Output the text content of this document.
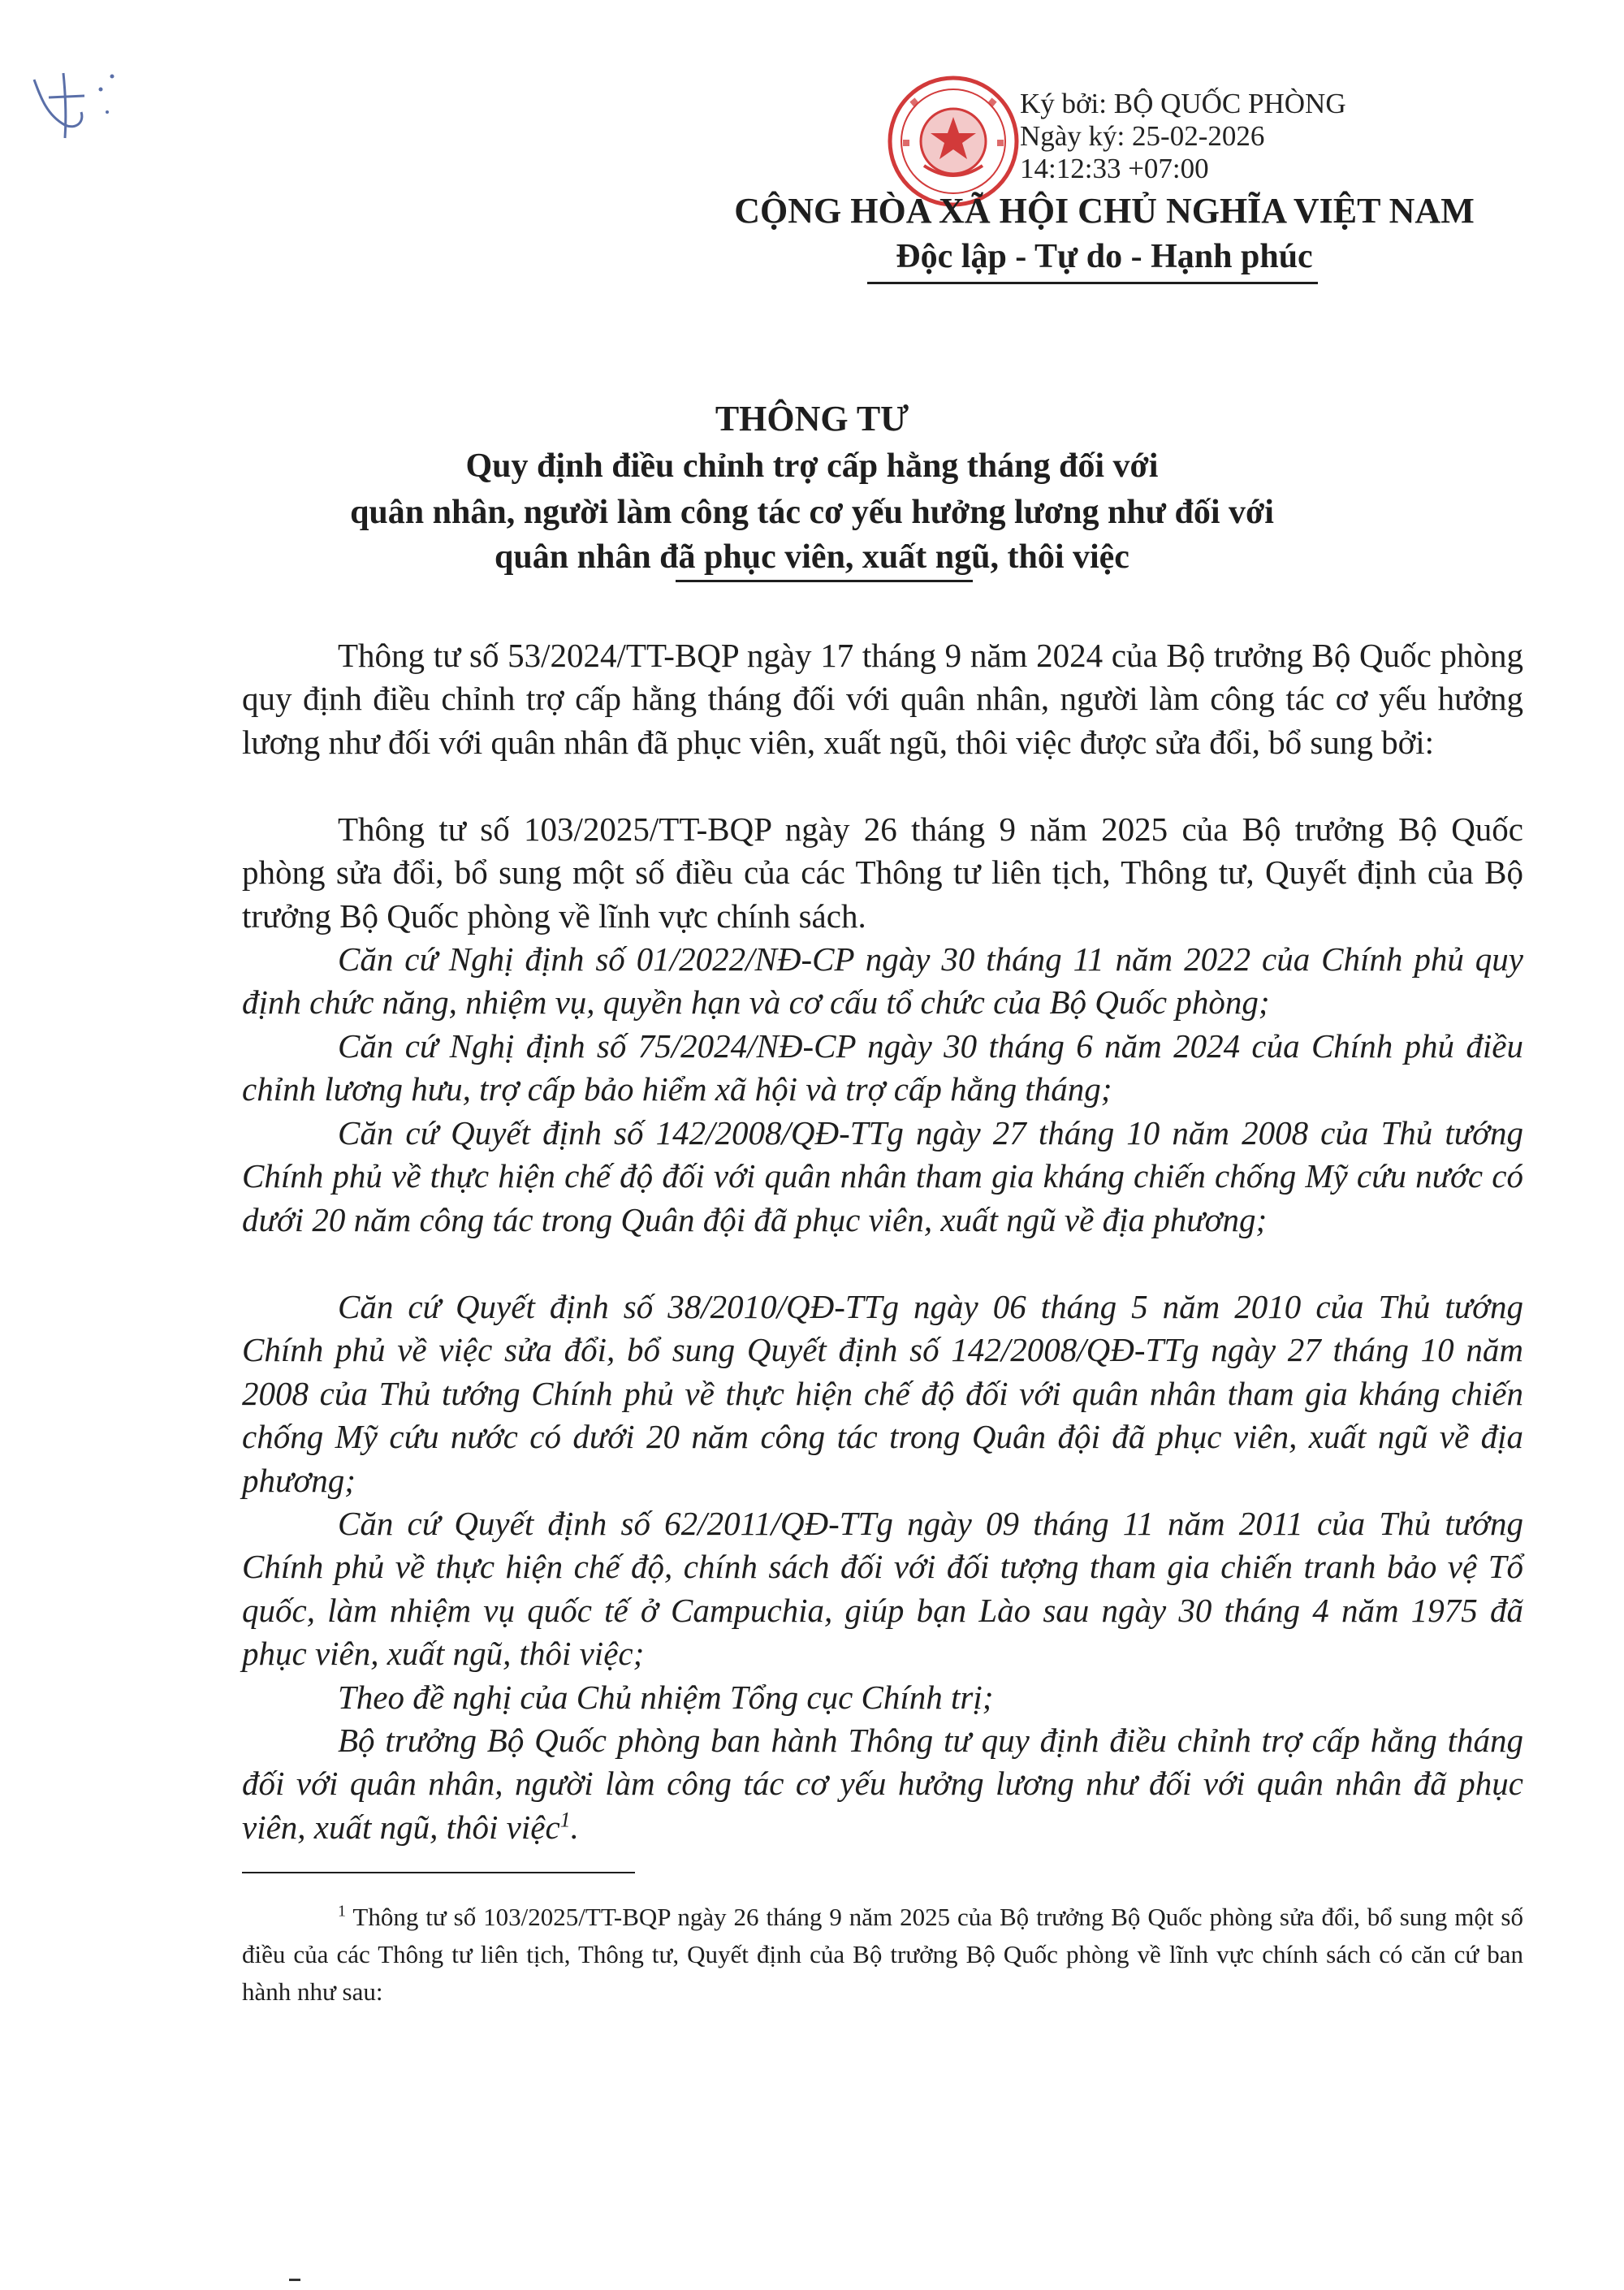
Ký bởi: BỘ QUỐC PHÒNG
Ngày ký: 25-02-2026
14:12:33 +07:00
CỘNG HÒA XÃ HỘI CHỦ NGHĨA VIỆT NAM
Độc lập - Tự do - Hạnh phúc
THÔNG TƯ
Quy định điều chỉnh trợ cấp hằng tháng đối với
quân nhân, người làm công tác cơ yếu hưởng lương như đối với
quân nhân đã phục viên, xuất ngũ, thôi việc
Thông tư số 53/2024/TT-BQP ngày 17 tháng 9 năm 2024 của Bộ trưởng Bộ Quốc phòng quy định điều chỉnh trợ cấp hằng tháng đối với quân nhân, người làm công tác cơ yếu hưởng lương như đối với quân nhân đã phục viên, xuất ngũ, thôi việc được sửa đổi, bổ sung bởi:
Thông tư số 103/2025/TT-BQP ngày 26 tháng 9 năm 2025 của Bộ trưởng Bộ Quốc phòng sửa đổi, bổ sung một số điều của các Thông tư liên tịch, Thông tư, Quyết định của Bộ trưởng Bộ Quốc phòng về lĩnh vực chính sách.
Căn cứ Nghị định số 01/2022/NĐ-CP ngày 30 tháng 11 năm 2022 của Chính phủ quy định chức năng, nhiệm vụ, quyền hạn và cơ cấu tổ chức của Bộ Quốc phòng;
Căn cứ Nghị định số 75/2024/NĐ-CP ngày 30 tháng 6 năm 2024 của Chính phủ điều chỉnh lương hưu, trợ cấp bảo hiểm xã hội và trợ cấp hằng tháng;
Căn cứ Quyết định số 142/2008/QĐ-TTg ngày 27 tháng 10 năm 2008 của Thủ tướng Chính phủ về thực hiện chế độ đối với quân nhân tham gia kháng chiến chống Mỹ cứu nước có dưới 20 năm công tác trong Quân đội đã phục viên, xuất ngũ về địa phương;
Căn cứ Quyết định số 38/2010/QĐ-TTg ngày 06 tháng 5 năm 2010 của Thủ tướng Chính phủ về việc sửa đổi, bổ sung Quyết định số 142/2008/QĐ-TTg ngày 27 tháng 10 năm 2008 của Thủ tướng Chính phủ về thực hiện chế độ đối với quân nhân tham gia kháng chiến chống Mỹ cứu nước có dưới 20 năm công tác trong Quân đội đã phục viên, xuất ngũ về địa phương;
Căn cứ Quyết định số 62/2011/QĐ-TTg ngày 09 tháng 11 năm 2011 của Thủ tướng Chính phủ về thực hiện chế độ, chính sách đối với đối tượng tham gia chiến tranh bảo vệ Tổ quốc, làm nhiệm vụ quốc tế ở Campuchia, giúp bạn Lào sau ngày 30 tháng 4 năm 1975 đã phục viên, xuất ngũ, thôi việc;
Theo đề nghị của Chủ nhiệm Tổng cục Chính trị;
Bộ trưởng Bộ Quốc phòng ban hành Thông tư quy định điều chỉnh trợ cấp hằng tháng đối với quân nhân, người làm công tác cơ yếu hưởng lương như đối với quân nhân đã phục viên, xuất ngũ, thôi việc$^1$.
$^1$ Thông tư số 103/2025/TT-BQP ngày 26 tháng 9 năm 2025 của Bộ trưởng Bộ Quốc phòng sửa đổi, bổ sung một số điều của các Thông tư liên tịch, Thông tư, Quyết định của Bộ trưởng Bộ Quốc phòng về lĩnh vực chính sách có căn cứ ban hành như sau:
